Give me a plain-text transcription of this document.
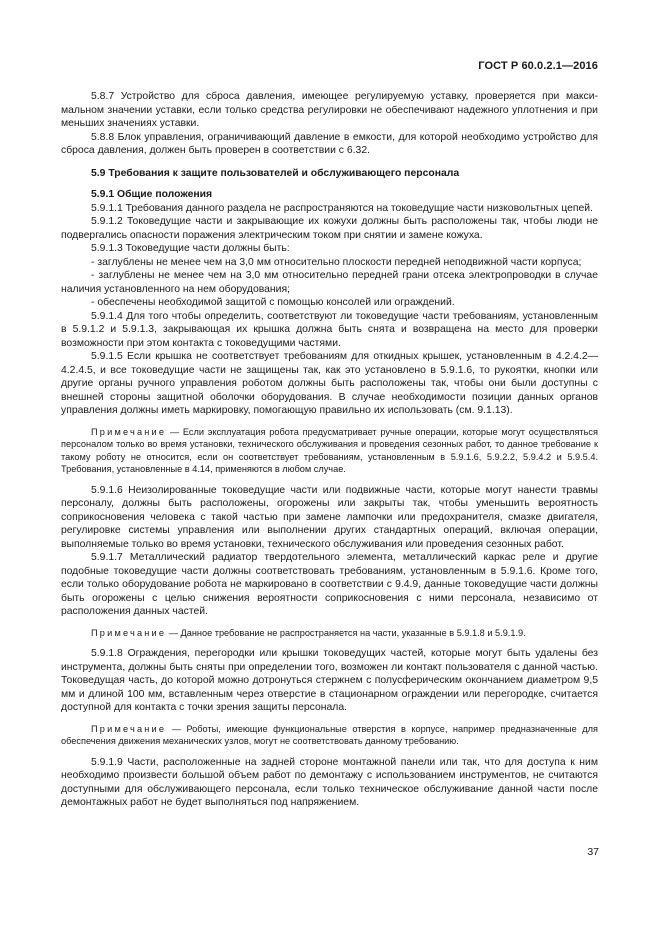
ГОСТ Р 60.0.2.1—2016

5.8.7 Устройство для сброса давления, имеющее регулируемую уставку, проверяется при максимальном значении уставки, если только средства регулировки не обеспечивают надежного уплотнения и при меньших значениях уставки.

5.8.8 Блок управления, ограничивающий давление в емкости, для которой необходимо устройство для сброса давления, должен быть проверен в соответствии с 6.32.

5.9 Требования к защите пользователей и обслуживающего персонала

5.9.1 Общие положения

5.9.1.1 Требования данного раздела не распространяются на токоведущие части низковольтных цепей.

5.9.1.2 Токоведущие части и закрывающие их кожухи должны быть расположены так, чтобы люди не подвергались опасности поражения электрическим током при снятии и замене кожуха.

5.9.1.3 Токоведущие части должны быть:

- заглублены не менее чем на 3,0 мм относительно плоскости передней неподвижной части корпуса;

- заглублены не менее чем на 3,0 мм относительно передней грани отсека электропроводки в случае наличия установленного на нем оборудования;

- обеспечены необходимой защитой с помощью консолей или ограждений.

5.9.1.4 Для того чтобы определить, соответствуют ли токоведущие части требованиям, установленным в 5.9.1.2 и 5.9.1.3, закрывающая их крышка должна быть снята и возвращена на место для проверки возможности при этом контакта с токоведущими частями.

5.9.1.5 Если крышка не соответствует требованиям для откидных крышек, установленным в 4.2.4.2—4.2.4.5, и все токоведущие части не защищены так, как это установлено в 5.9.1.6, то рукоятки, кнопки или другие органы ручного управления роботом должны быть расположены так, чтобы они были доступны с внешней стороны защитной оболочки оборудования. В случае необходимости позиции данных органов управления должны иметь маркировку, помогающую правильно их использовать (см. 9.1.13).

Примечание — Если эксплуатация робота предусматривает ручные операции, которые могут осуществляться персоналом только во время установки, технического обслуживания и проведения сезонных работ, то данное требование к такому роботу не относится, если он соответствует требованиям, установленным в 5.9.1.6, 5.9.2.2, 5.9.4.2 и 5.9.5.4. Требования, установленные в 4.14, применяются в любом случае.

5.9.1.6 Неизолированные токоведущие части или подвижные части, которые могут нанести травмы персоналу, должны быть расположены, огорожены или закрыты так, чтобы уменьшить вероятность соприкосновения человека с такой частью при замене лампочки или предохранителя, смазке двигателя, регулировке системы управления или выполнении других стандартных операций, включая операции, выполняемые только во время установки, технического обслуживания или проведения сезонных работ.

5.9.1.7 Металлический радиатор твердотельного элемента, металлический каркас реле и другие подобные токоведущие части должны соответствовать требованиям, установленным в 5.9.1.6. Кроме того, если только оборудование робота не маркировано в соответствии с 9.4.9, данные токоведущие части должны быть огорожены с целью снижения вероятности соприкосновения с ними персонала, независимо от расположения данных частей.

Примечание — Данное требование не распространяется на части, указанные в 5.9.1.8 и 5.9.1.9.

5.9.1.8 Ограждения, перегородки или крышки токоведущих частей, которые могут быть удалены без инструмента, должны быть сняты при определении того, возможен ли контакт пользователя с данной частью. Токоведущая часть, до которой можно дотронуться стержнем с полусферическим окончанием диаметром 9,5 мм и длиной 100 мм, вставленным через отверстие в стационарном ограждении или перегородке, считается доступной для контакта с точки зрения защиты персонала.

Примечание — Роботы, имеющие функциональные отверстия в корпусе, например предназначенные для обеспечения движения механических узлов, могут не соответствовать данному требованию.

5.9.1.9 Части, расположенные на задней стороне монтажной панели или так, что для доступа к ним необходимо произвести большой объем работ по демонтажу с использованием инструментов, не считаются доступными для обслуживающего персонала, если только техническое обслуживание данной части после демонтажных работ не будет выполняться под напряжением.

37
